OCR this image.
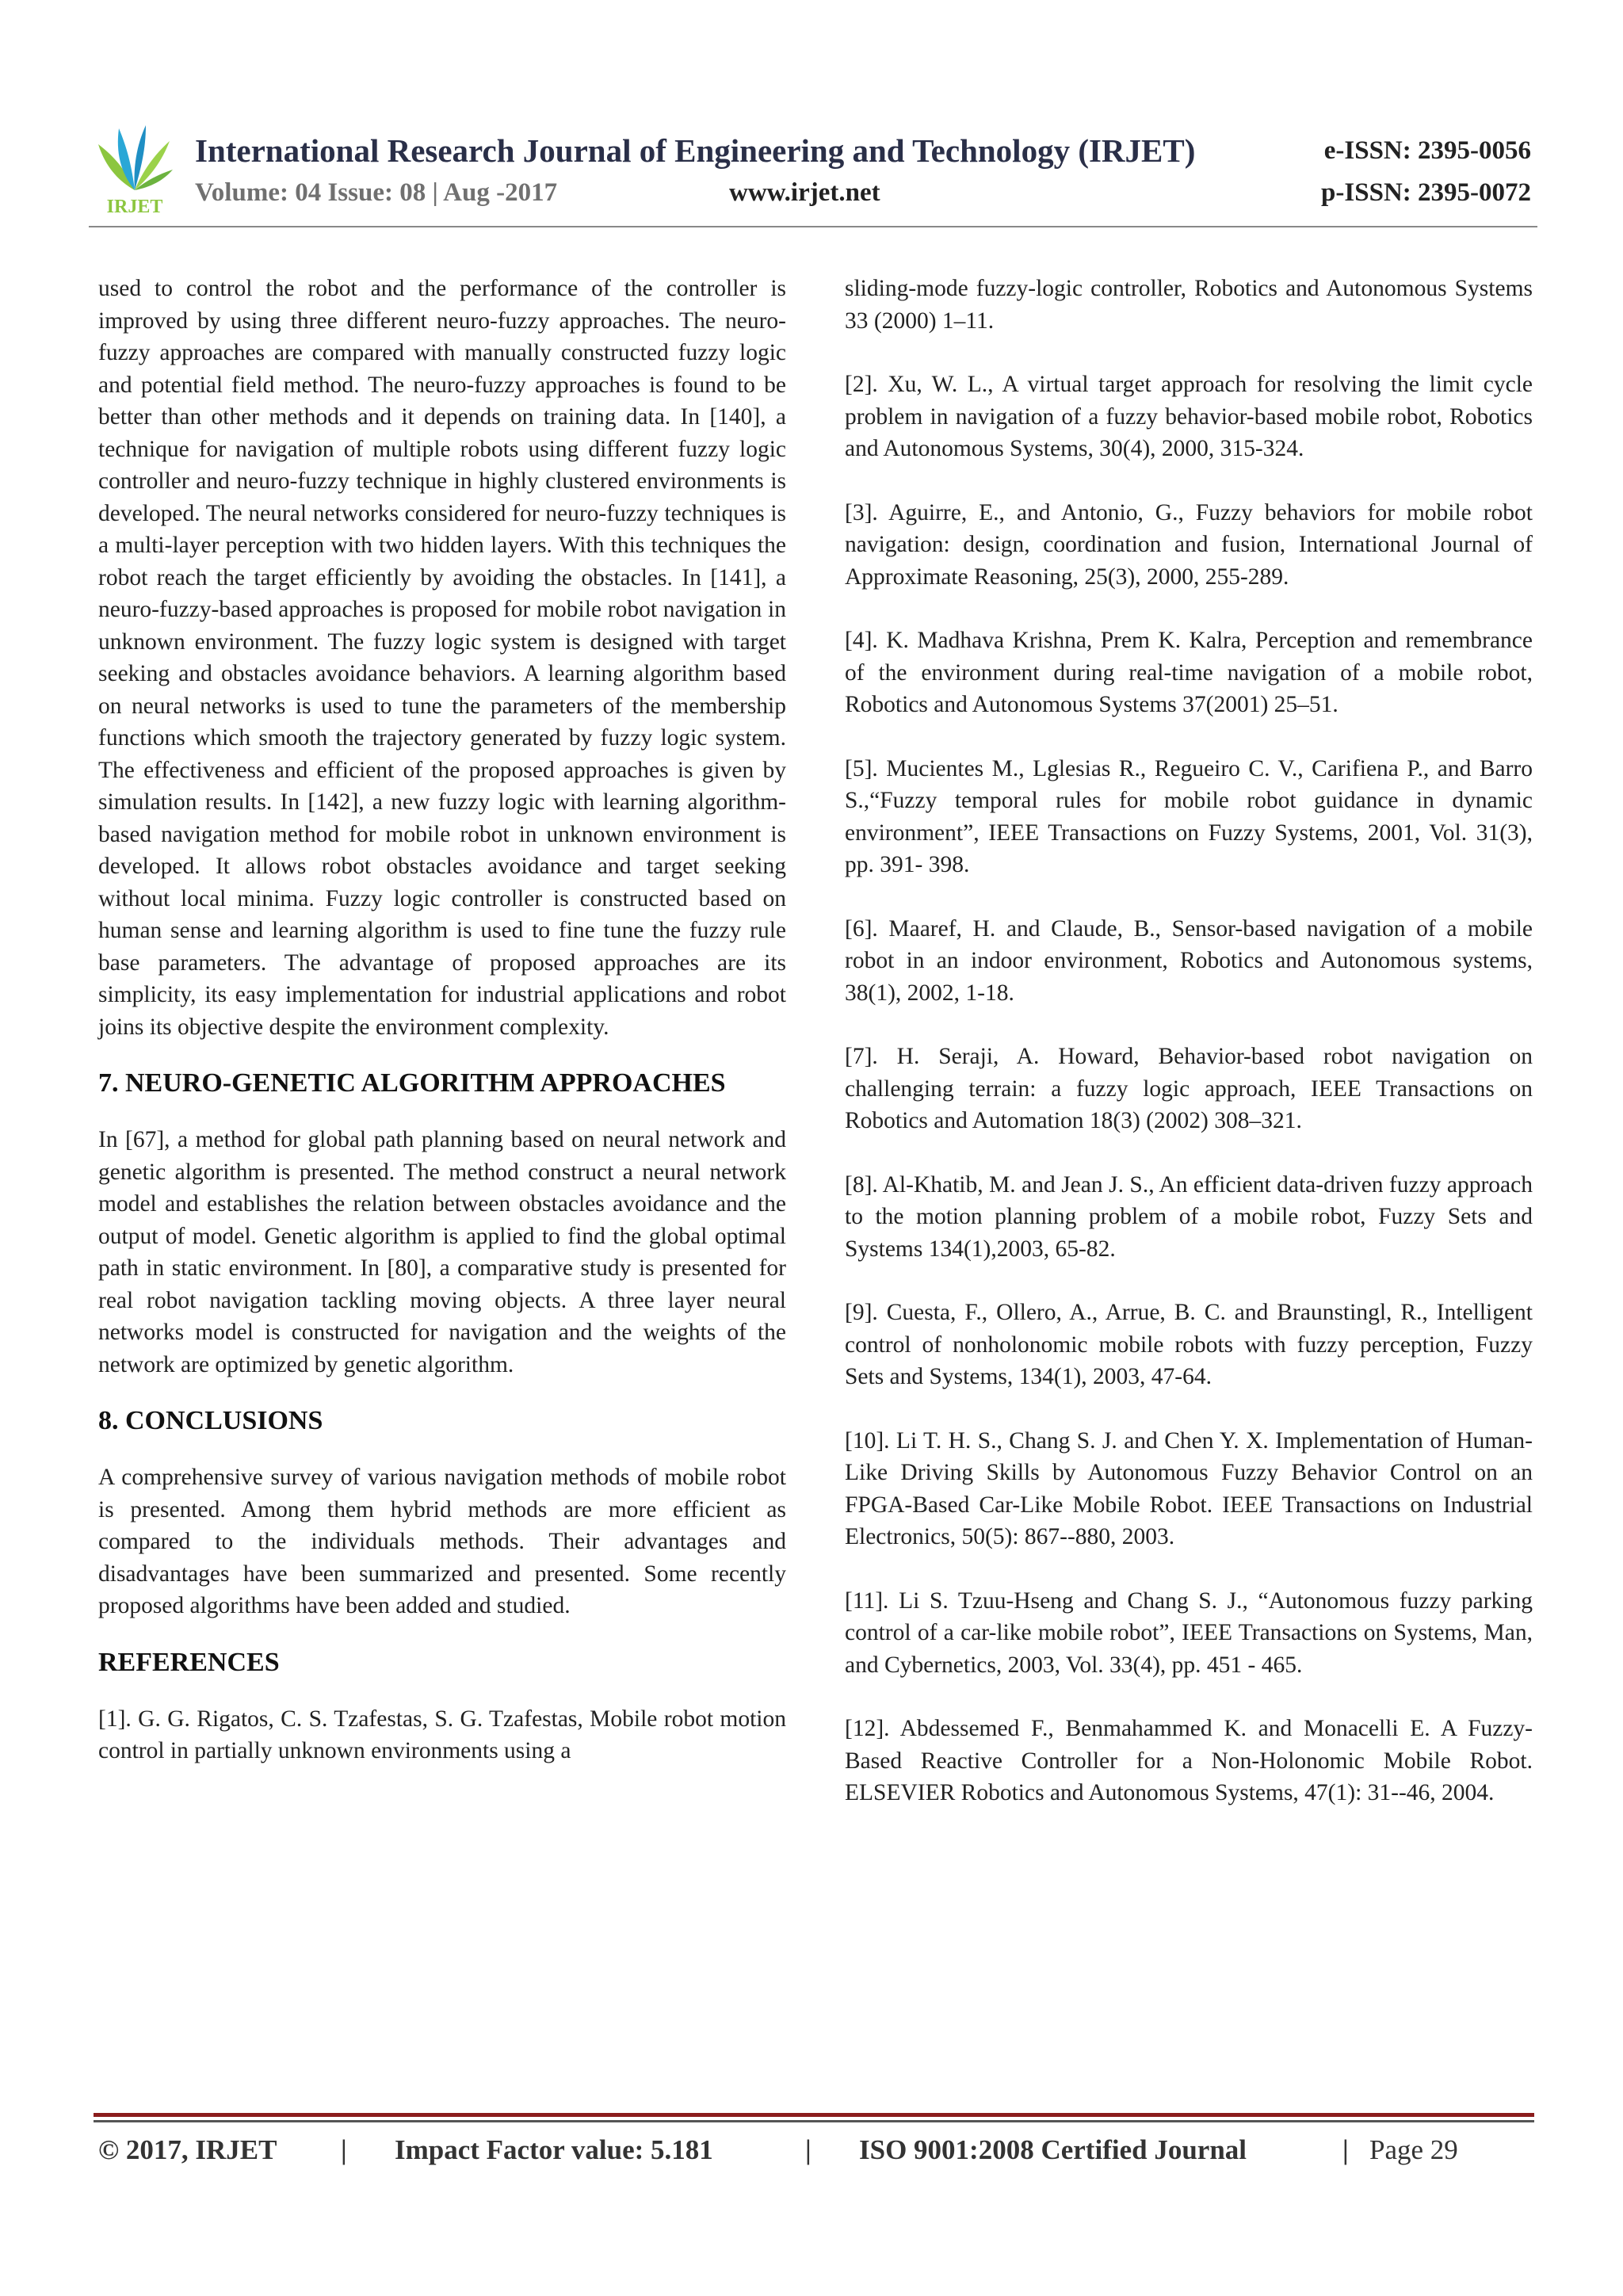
IRJET
International Research Journal of Engineering and Technology (IRJET)	e-ISSN: 2395-0056
Volume: 04 Issue: 08 | Aug -2017	www.irjet.net	p-ISSN: 2395-0072

used to control the robot and the performance of the controller is improved by using three different neuro-fuzzy approaches. The neuro-fuzzy approaches are compared with manually constructed fuzzy logic and potential field method. The neuro-fuzzy approaches is found to be better than other methods and it depends on training data. In [140], a technique for navigation of multiple robots using different fuzzy logic controller and neuro-fuzzy technique in highly clustered environments is developed. The neural networks considered for neuro-fuzzy techniques is a multi-layer perception with two hidden layers. With this techniques the robot reach the target efficiently by avoiding the obstacles. In [141], a neuro-fuzzy-based approaches is proposed for mobile robot navigation in unknown environment. The fuzzy logic system is designed with target seeking and obstacles avoidance behaviors. A learning algorithm based on neural networks is used to tune the parameters of the membership functions which smooth the trajectory generated by fuzzy logic system. The effectiveness and efficient of the proposed approaches is given by simulation results. In [142], a new fuzzy logic with learning algorithm-based navigation method for mobile robot in unknown environment is developed. It allows robot obstacles avoidance and target seeking without local minima. Fuzzy logic controller is constructed based on human sense and learning algorithm is used to fine tune the fuzzy rule base parameters. The advantage of proposed approaches are its simplicity, its easy implementation for industrial applications and robot joins its objective despite the environment complexity.

7. NEURO-GENETIC ALGORITHM APPROACHES

In [67], a method for global path planning based on neural network and genetic algorithm is presented. The method construct a neural network model and establishes the relation between obstacles avoidance and the output of model. Genetic algorithm is applied to find the global optimal path in static environment. In [80], a comparative study is presented for real robot navigation tackling moving objects. A three layer neural networks model is constructed for navigation and the weights of the network are optimized by genetic algorithm.

8. CONCLUSIONS

A comprehensive survey of various navigation methods of mobile robot is presented. Among them hybrid methods are more efficient as compared to the individuals methods. Their advantages and disadvantages have been summarized and presented. Some recently proposed algorithms have been added and studied.

REFERENCES

[1]. G. G. Rigatos, C. S. Tzafestas, S. G. Tzafestas, Mobile robot motion control in partially unknown environments using a

sliding-mode fuzzy-logic controller, Robotics and Autonomous Systems 33 (2000) 1–11.

[2]. Xu, W. L., A virtual target approach for resolving the limit cycle problem in navigation of a fuzzy behavior-based mobile robot, Robotics and Autonomous Systems, 30(4), 2000, 315-324.

[3]. Aguirre, E., and Antonio, G., Fuzzy behaviors for mobile robot navigation: design, coordination and fusion, International Journal of Approximate Reasoning, 25(3), 2000, 255-289.

[4]. K. Madhava Krishna, Prem K. Kalra, Perception and remembrance of the environment during real-time navigation of a mobile robot, Robotics and Autonomous Systems 37(2001) 25–51.

[5]. Mucientes M., Lglesias R., Regueiro C. V., Carifiena P., and Barro S.,“Fuzzy temporal rules for mobile robot guidance in dynamic environment”, IEEE Transactions on Fuzzy Systems, 2001, Vol. 31(3), pp. 391- 398.

[6]. Maaref, H. and Claude, B., Sensor-based navigation of a mobile robot in an indoor environment, Robotics and Autonomous systems, 38(1), 2002, 1-18.

[7]. H. Seraji, A. Howard, Behavior-based robot navigation on challenging terrain: a fuzzy logic approach, IEEE Transactions on Robotics and Automation 18(3) (2002) 308–321.

[8]. Al-Khatib, M. and Jean J. S., An efficient data-driven fuzzy approach to the motion planning problem of a mobile robot, Fuzzy Sets and Systems 134(1),2003, 65-82.

[9]. Cuesta, F., Ollero, A., Arrue, B. C. and Braunstingl, R., Intelligent control of nonholonomic mobile robots with fuzzy perception, Fuzzy Sets and Systems, 134(1), 2003, 47-64.

[10]. Li T. H. S., Chang S. J. and Chen Y. X. Implementation of Human-Like Driving Skills by Autonomous Fuzzy Behavior Control on an FPGA-Based Car-Like Mobile Robot. IEEE Transactions on Industrial Electronics, 50(5): 867--880, 2003.

[11]. Li S. Tzuu-Hseng and Chang S. J., “Autonomous fuzzy parking control of a car-like mobile robot”, IEEE Transactions on Systems, Man, and Cybernetics, 2003, Vol. 33(4), pp. 451 - 465.

[12]. Abdessemed F., Benmahammed K. and Monacelli E. A Fuzzy-Based Reactive Controller for a Non-Holonomic Mobile Robot. ELSEVIER Robotics and Autonomous Systems, 47(1): 31--46, 2004.

© 2017, IRJET | Impact Factor value: 5.181	| ISO 9001:2008 Certified Journal	| Page 29
